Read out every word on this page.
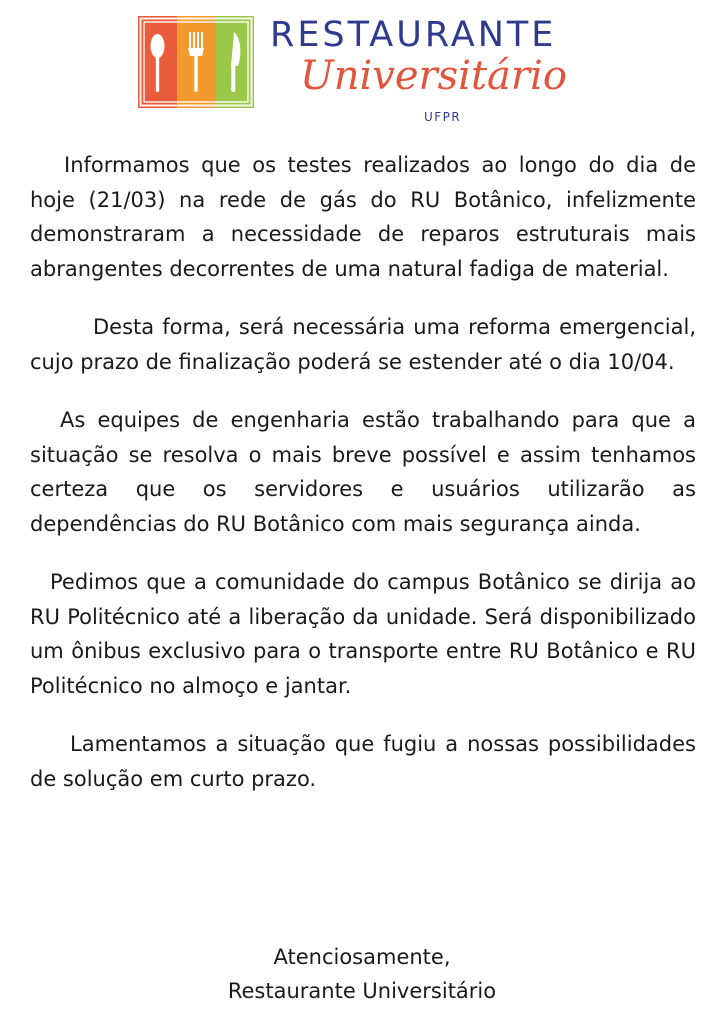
RESTAURANTE
Universitário
UFPR

Informamos que os testes realizados ao longo do dia de hoje (21/03) na rede de gás do RU Botânico, infelizmente demonstraram a necessidade de reparos estruturais mais abrangentes decorrentes de uma natural fadiga de material.

Desta forma, será necessária uma reforma emergencial, cujo prazo de finalização poderá se estender até o dia 10/04.

As equipes de engenharia estão trabalhando para que a situação se resolva o mais breve possível e assim tenhamos certeza que os servidores e usuários utilizarão as dependências do RU Botânico com mais segurança ainda.

Pedimos que a comunidade do campus Botânico se dirija ao RU Politécnico até a liberação da unidade. Será disponibilizado um ônibus exclusivo para o transporte entre RU Botânico e RU Politécnico no almoço e jantar.

Lamentamos a situação que fugiu a nossas possibilidades de solução em curto prazo.

Atenciosamente,
Restaurante Universitário
